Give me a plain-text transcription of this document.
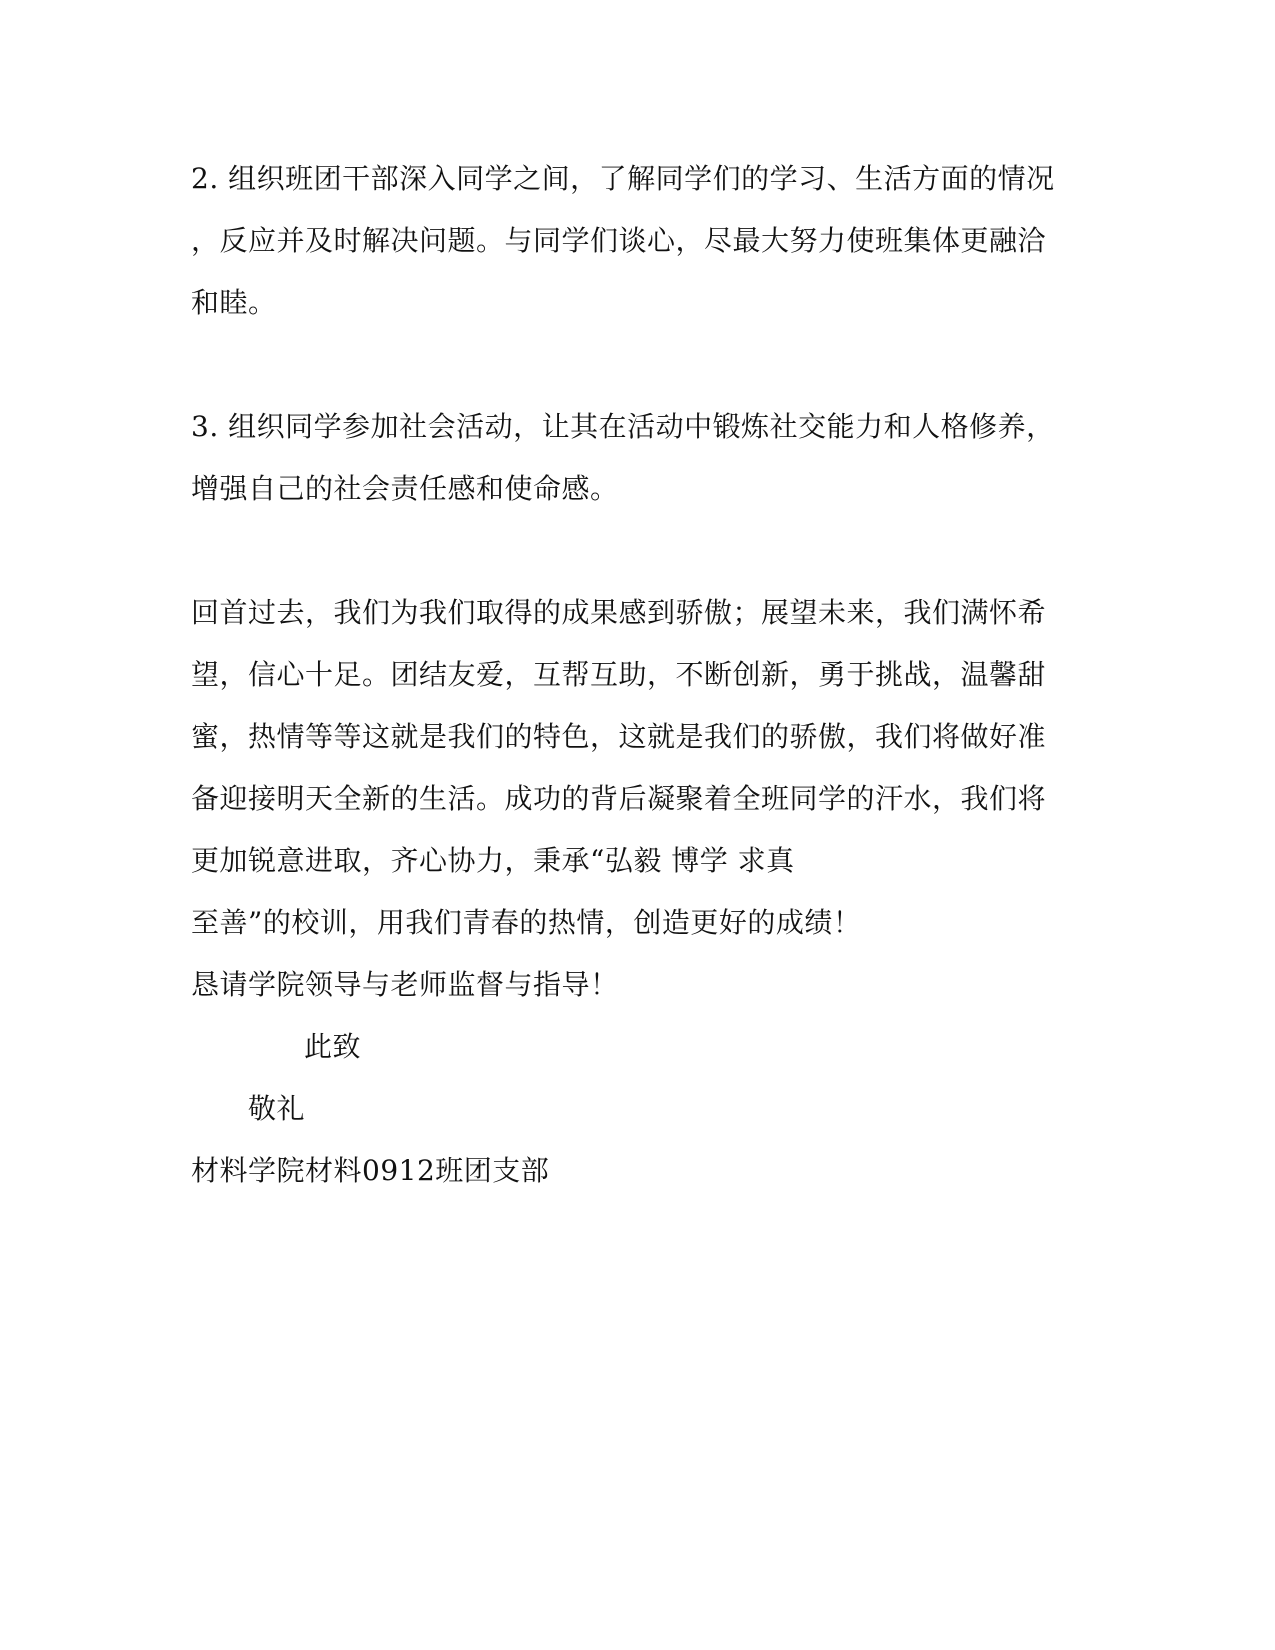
2. 组织班团干部深入同学之间，了解同学们的学习、生活方面的情况
，反应并及时解决问题。与同学们谈心，尽最大努力使班集体更融洽
和睦。
3. 组织同学参加社会活动，让其在活动中锻炼社交能力和人格修养，
增强自己的社会责任感和使命感。
回首过去，我们为我们取得的成果感到骄傲；展望未来，我们满怀希
望，信心十足。团结友爱，互帮互助，不断创新，勇于挑战，温馨甜
蜜，热情等等这就是我们的特色，这就是我们的骄傲，我们将做好准
备迎接明天全新的生活。成功的背后凝聚着全班同学的汗水，我们将
更加锐意进取，齐心协力，秉承“弘毅 博学 求真
至善”的校训，用我们青春的热情，创造更好的成绩！
恳请学院领导与老师监督与指导！
此致
敬礼
材料学院材料0912班团支部
